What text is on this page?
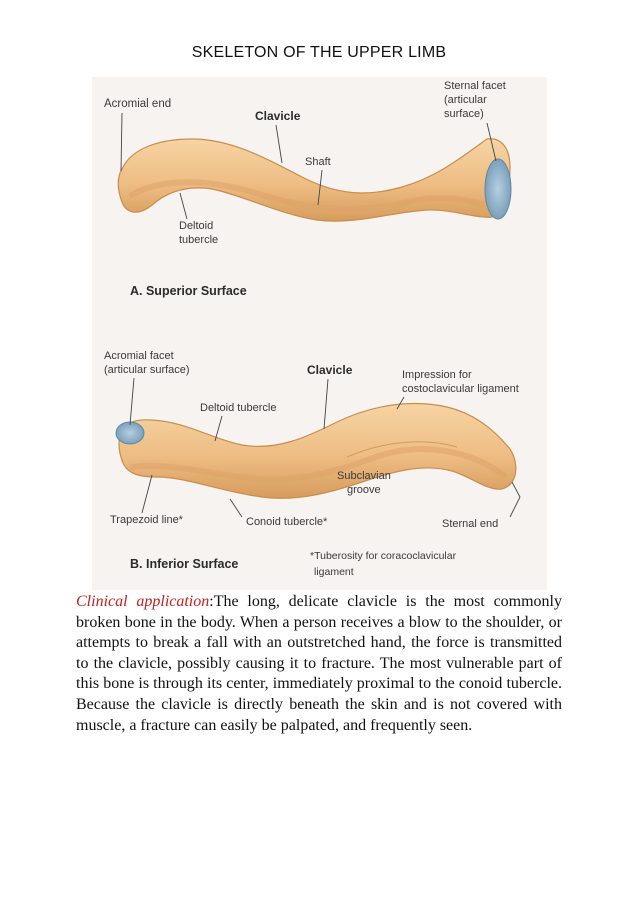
SKELETON OF THE UPPER LIMB
Acromial end
Clavicle
Sternal facet
(articular
surface)
Shaft
Deltoid
tubercle
A. Superior Surface
Acromial facet
(articular surface)	Clavicle	Impression for
costoclavicular ligament
Deltoid tubercle
Subclavian
groove
Trapezoid line*	Conoid tubercle*	Sternal end
B. Inferior Surface
*Tuberosity for coracoclavicular
ligament
Clinical application:The long, delicate clavicle is the most commonly broken bone in the body. When a person receives a blow to the shoulder, or attempts to break a fall with an outstretched hand, the force is transmitted to the clavicle, possibly causing it to fracture. The most vulnerable part of this bone is through its center, immediately proximal to the conoid tubercle. Because the clavicle is directly beneath the skin and is not covered with muscle, a fracture can easily be palpated, and frequently seen.
